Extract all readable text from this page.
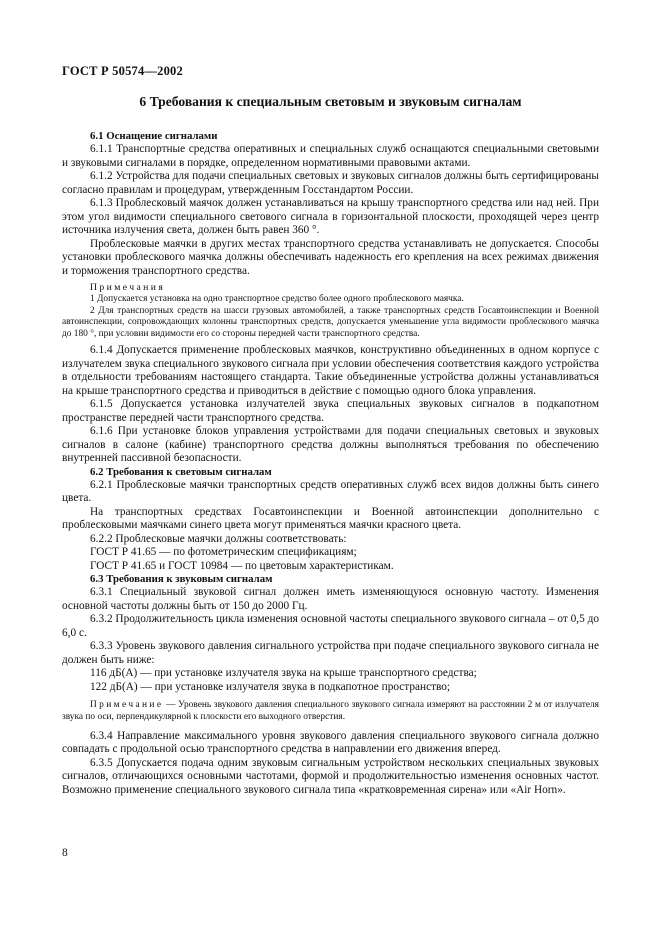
ГОСТ Р 50574—2002
6 Требования к специальным световым и звуковым сигналам
6.1 Оснащение сигналами

6.1.1 Транспортные средства оперативных и специальных служб оснащаются специальными световыми и звуковыми сигналами в порядке, определенном нормативными правовыми актами.

6.1.2 Устройства для подачи специальных световых и звуковых сигналов должны быть сертифицированы согласно правилам и процедурам, утвержденным Госстандартом России.

6.1.3 Проблесковый маячок должен устанавливаться на крышу транспортного средства или над ней. При этом угол видимости специального светового сигнала в горизонтальной плоскости, проходящей через центр источника излучения света, должен быть равен 360 °.

Проблесковые маячки в других местах транспортного средства устанавливать не допускается. Способы установки проблескового маячка должны обеспечивать надежность его крепления на всех режимах движения и торможения транспортного средства.

Примечания

1 Допускается установка на одно транспортное средство более одного проблескового маячка.

2 Для транспортных средств на шасси грузовых автомобилей, а также транспортных средств Госавтоинспекции и Военной автоинспекции, сопровождающих колонны транспортных средств, допускается уменьшение угла видимости проблескового маячка до 180 °, при условии видимости его со стороны передней части транспортного средства.

6.1.4 Допускается применение проблесковых маячков, конструктивно объединенных в одном корпусе с излучателем звука специального звукового сигнала при условии обеспечения соответствия каждого устройства в отдельности требованиям настоящего стандарта. Такие объединенные устройства должны устанавливаться на крыше транспортного средства и приводиться в действие с помощью одного блока управления.

6.1.5 Допускается установка излучателей звука специальных звуковых сигналов в подкапотном пространстве передней части транспортного средства.

6.1.6 При установке блоков управления устройствами для подачи специальных световых и звуковых сигналов в салоне (кабине) транспортного средства должны выполняться требования по обеспечению внутренней пассивной безопасности.

6.2 Требования к световым сигналам

6.2.1 Проблесковые маячки транспортных средств оперативных служб всех видов должны быть синего цвета.

На транспортных средствах Госавтоинспекции и Военной автоинспекции дополнительно с проблесковыми маячками синего цвета могут применяться маячки красного цвета.

6.2.2 Проблесковые маячки должны соответствовать:

ГОСТ Р 41.65 — по фотометрическим спецификациям;

ГОСТ Р 41.65 и ГОСТ 10984 — по цветовым характеристикам.

6.3 Требования к звуковым сигналам

6.3.1 Специальный звуковой сигнал должен иметь изменяющуюся основную частоту. Изменения основной частоты должны быть от 150 до 2000 Гц.

6.3.2 Продолжительность цикла изменения основной частоты специального звукового сигнала – от 0,5 до 6,0 с.

6.3.3 Уровень звукового давления сигнального устройства при подаче специального звукового сигнала не должен быть ниже:

116 дБ(А) — при установке излучателя звука на крыше транспортного средства;

122 дБ(А) — при установке излучателя звука в подкапотное пространство;

Примечание — Уровень звукового давления специального звукового сигнала измеряют на расстоянии 2 м от излучателя звука по оси, перпендикулярной к плоскости его выходного отверстия.

6.3.4 Направление максимального уровня звукового давления специального звукового сигнала должно совпадать с продольной осью транспортного средства в направлении его движения вперед.

6.3.5 Допускается подача одним звуковым сигнальным устройством нескольких специальных звуковых сигналов, отличающихся основными частотами, формой и продолжительностью изменения основных частот. Возможно применение специального звукового сигнала типа «кратковременная сирена» или «Air Horn».

8
